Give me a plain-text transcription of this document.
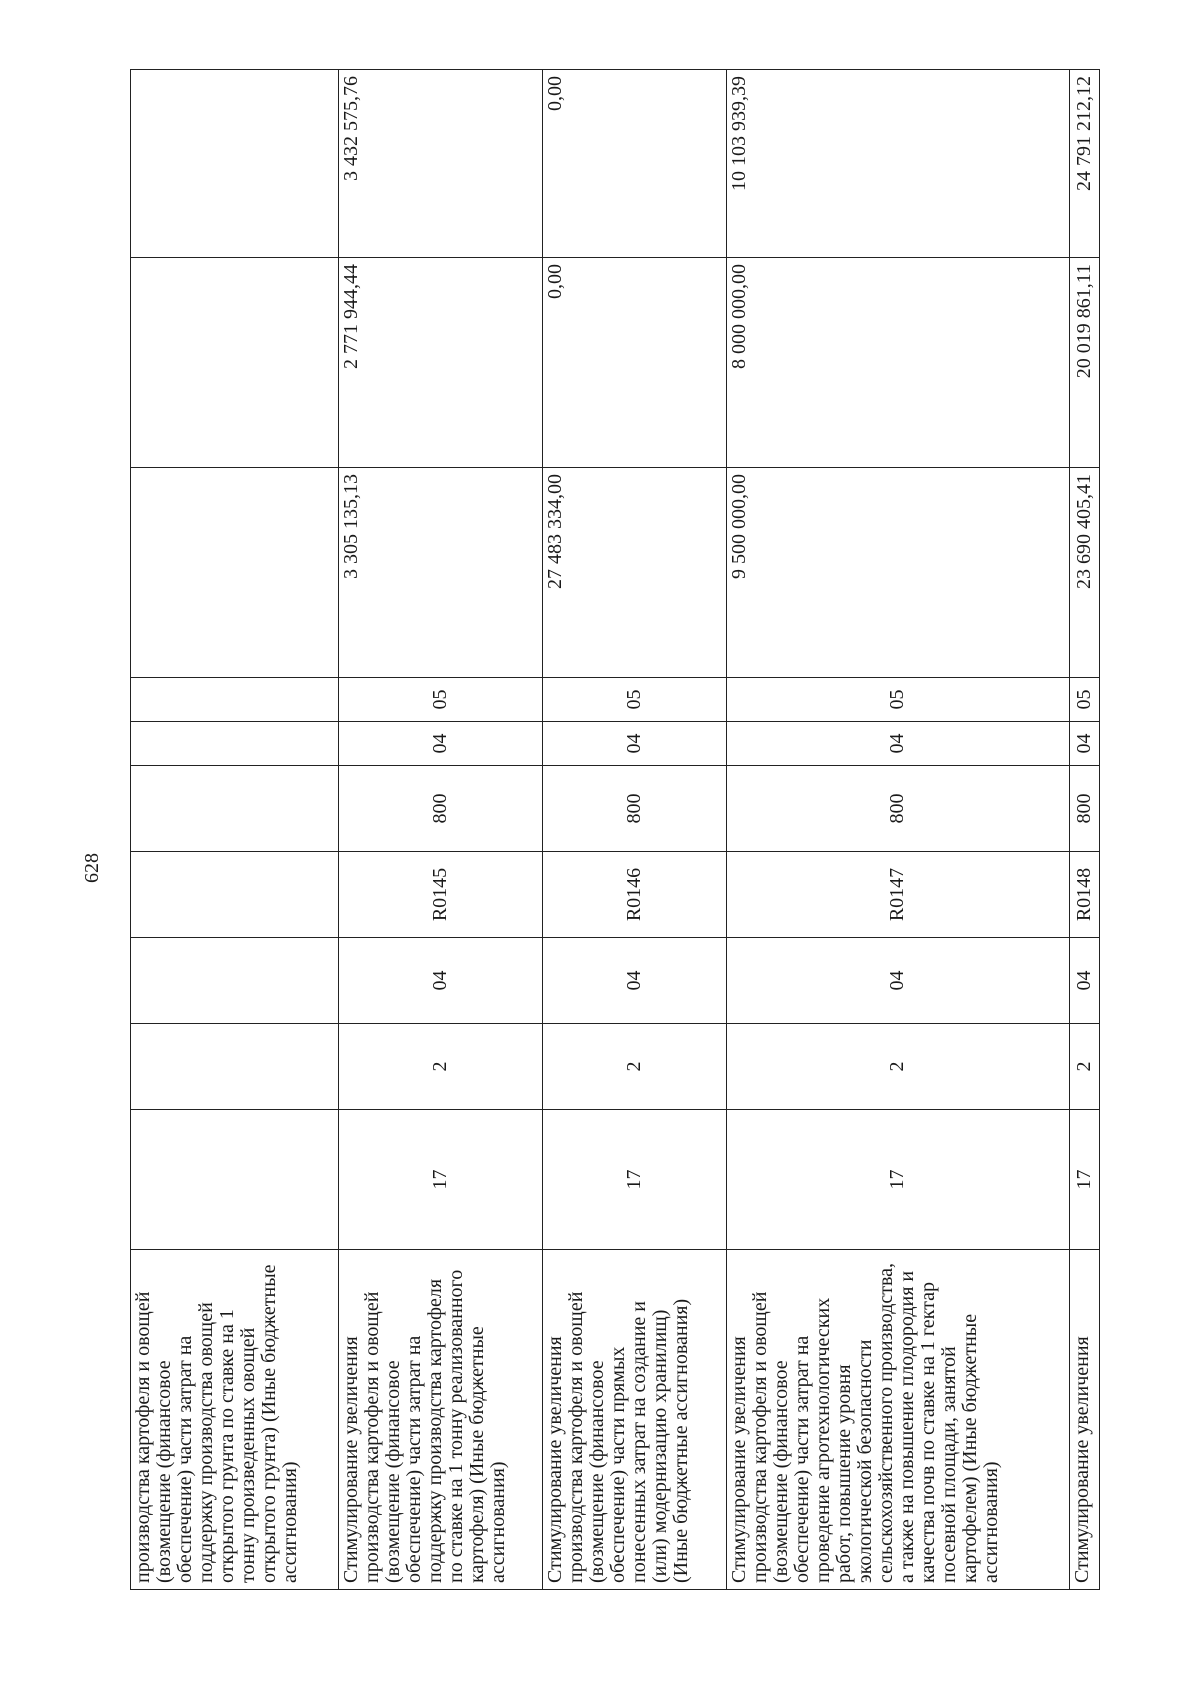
628
производства картофеля и овощей (возмещение (финансовое обеспечение) части затрат на поддержку производства овощей открытого грунта по ставке на 1 тонну произведенных овощей открытого грунта) (Иные бюджетные ассигнования)										
Стимулирование увеличения производства картофеля и овощей (возмещение (финансовое обеспечение) части затрат на поддержку производства картофеля по ставке на 1 тонну реализованного картофеля) (Иные бюджетные ассигнования)	17	2	04	R0145	800	04	05	3 305 135,13	2 771 944,44	3 432 575,76
Стимулирование увеличения производства картофеля и овощей (возмещение (финансовое обеспечение) части прямых понесенных затрат на создание и (или) модернизацию хранилищ) (Иные бюджетные ассигнования)	17	2	04	R0146	800	04	05	27 483 334,00	0,00	0,00
Стимулирование увеличения производства картофеля и овощей (возмещение (финансовое обеспечение) части затрат на проведение агротехнологических работ, повышение уровня экологической безопасности сельскохозяйственного производства, а также на повышение плодородия и качества почв по ставке на 1 гектар посевной площади, занятой картофелем) (Иные бюджетные ассигнования)	17	2	04	R0147	800	04	05	9 500 000,00	8 000 000,00	10 103 939,39
Стимулирование увеличения	17	2	04	R0148	800	04	05	23 690 405,41	20 019 861,11	24 791 212,12
